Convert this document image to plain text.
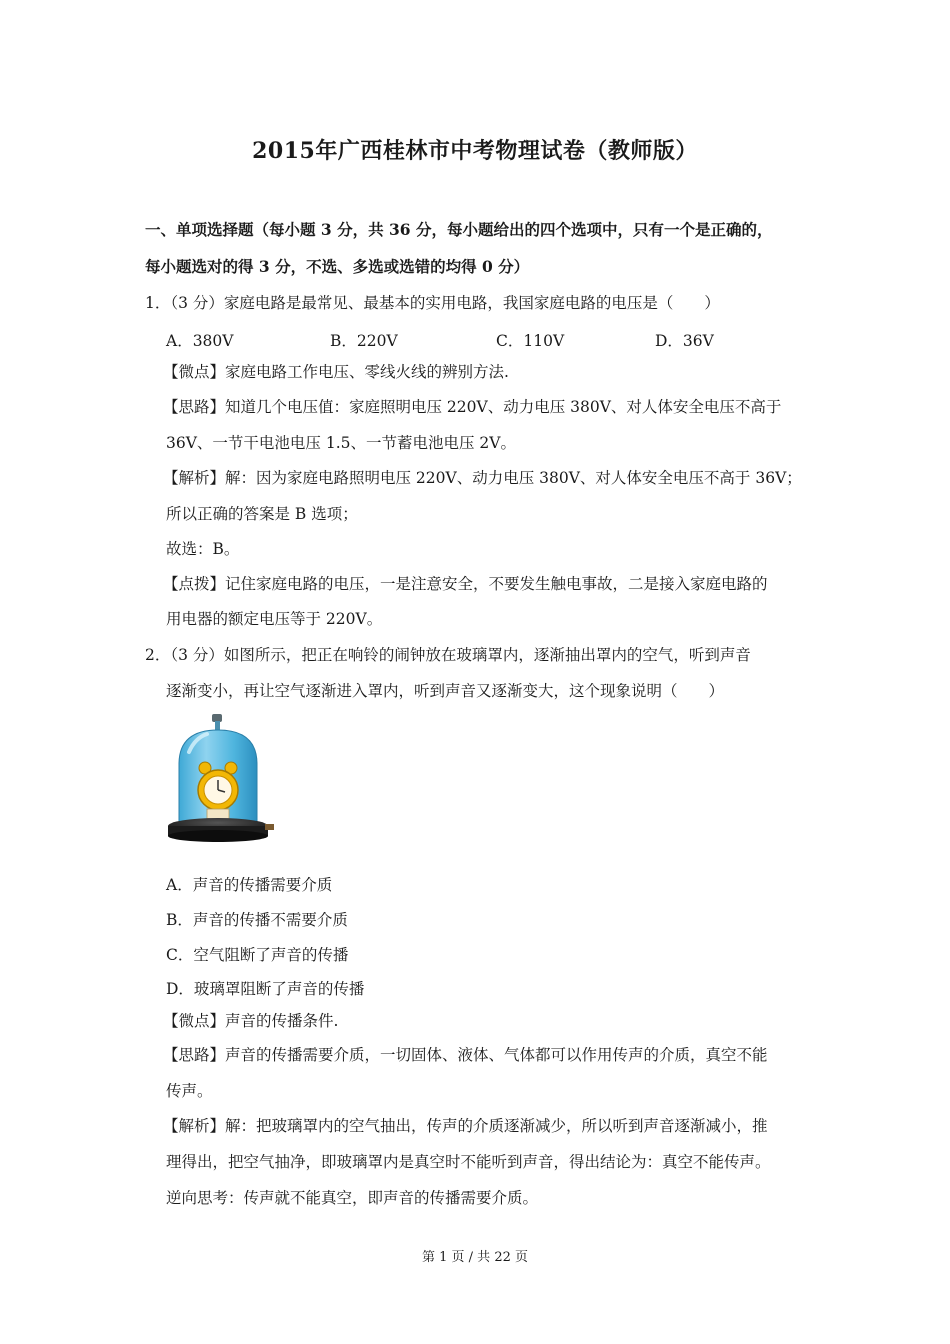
2015年广西桂林市中考物理试卷（教师版）
一、单项选择题（每小题 3 分，共 36 分，每小题给出的四个选项中，只有一个是正确的，
每小题选对的得 3 分，不选、多选或选错的均得 0 分）
1．（3 分）家庭电路是最常见、最基本的实用电路，我国家庭电路的电压是（　　）
A．380V	B．220V	C．110V	D．36V
【微点】家庭电路工作电压、零线火线的辨别方法.
【思路】知道几个电压值：家庭照明电压 220V、动力电压 380V、对人体安全电压不高于
36V、一节干电池电压 1.5、一节蓄电池电压 2V。
【解析】解：因为家庭电路照明电压 220V、动力电压 380V、对人体安全电压不高于 36V；
所以正确的答案是 B 选项；
故选：B。
【点拨】记住家庭电路的电压，一是注意安全，不要发生触电事故，二是接入家庭电路的
用电器的额定电压等于 220V。
2．（3 分）如图所示，把正在响铃的闹钟放在玻璃罩内，逐渐抽出罩内的空气，听到声音
逐渐变小，再让空气逐渐进入罩内，听到声音又逐渐变大，这个现象说明（　　）
A．声音的传播需要介质
B．声音的传播不需要介质
C．空气阻断了声音的传播
D．玻璃罩阻断了声音的传播
【微点】声音的传播条件.
【思路】声音的传播需要介质，一切固体、液体、气体都可以作用传声的介质，真空不能
传声。
【解析】解：把玻璃罩内的空气抽出，传声的介质逐渐减少，所以听到声音逐渐减小，推
理得出，把空气抽净，即玻璃罩内是真空时不能听到声音，得出结论为：真空不能传声。
逆向思考：传声就不能真空，即声音的传播需要介质。
第 1 页 / 共 22 页
